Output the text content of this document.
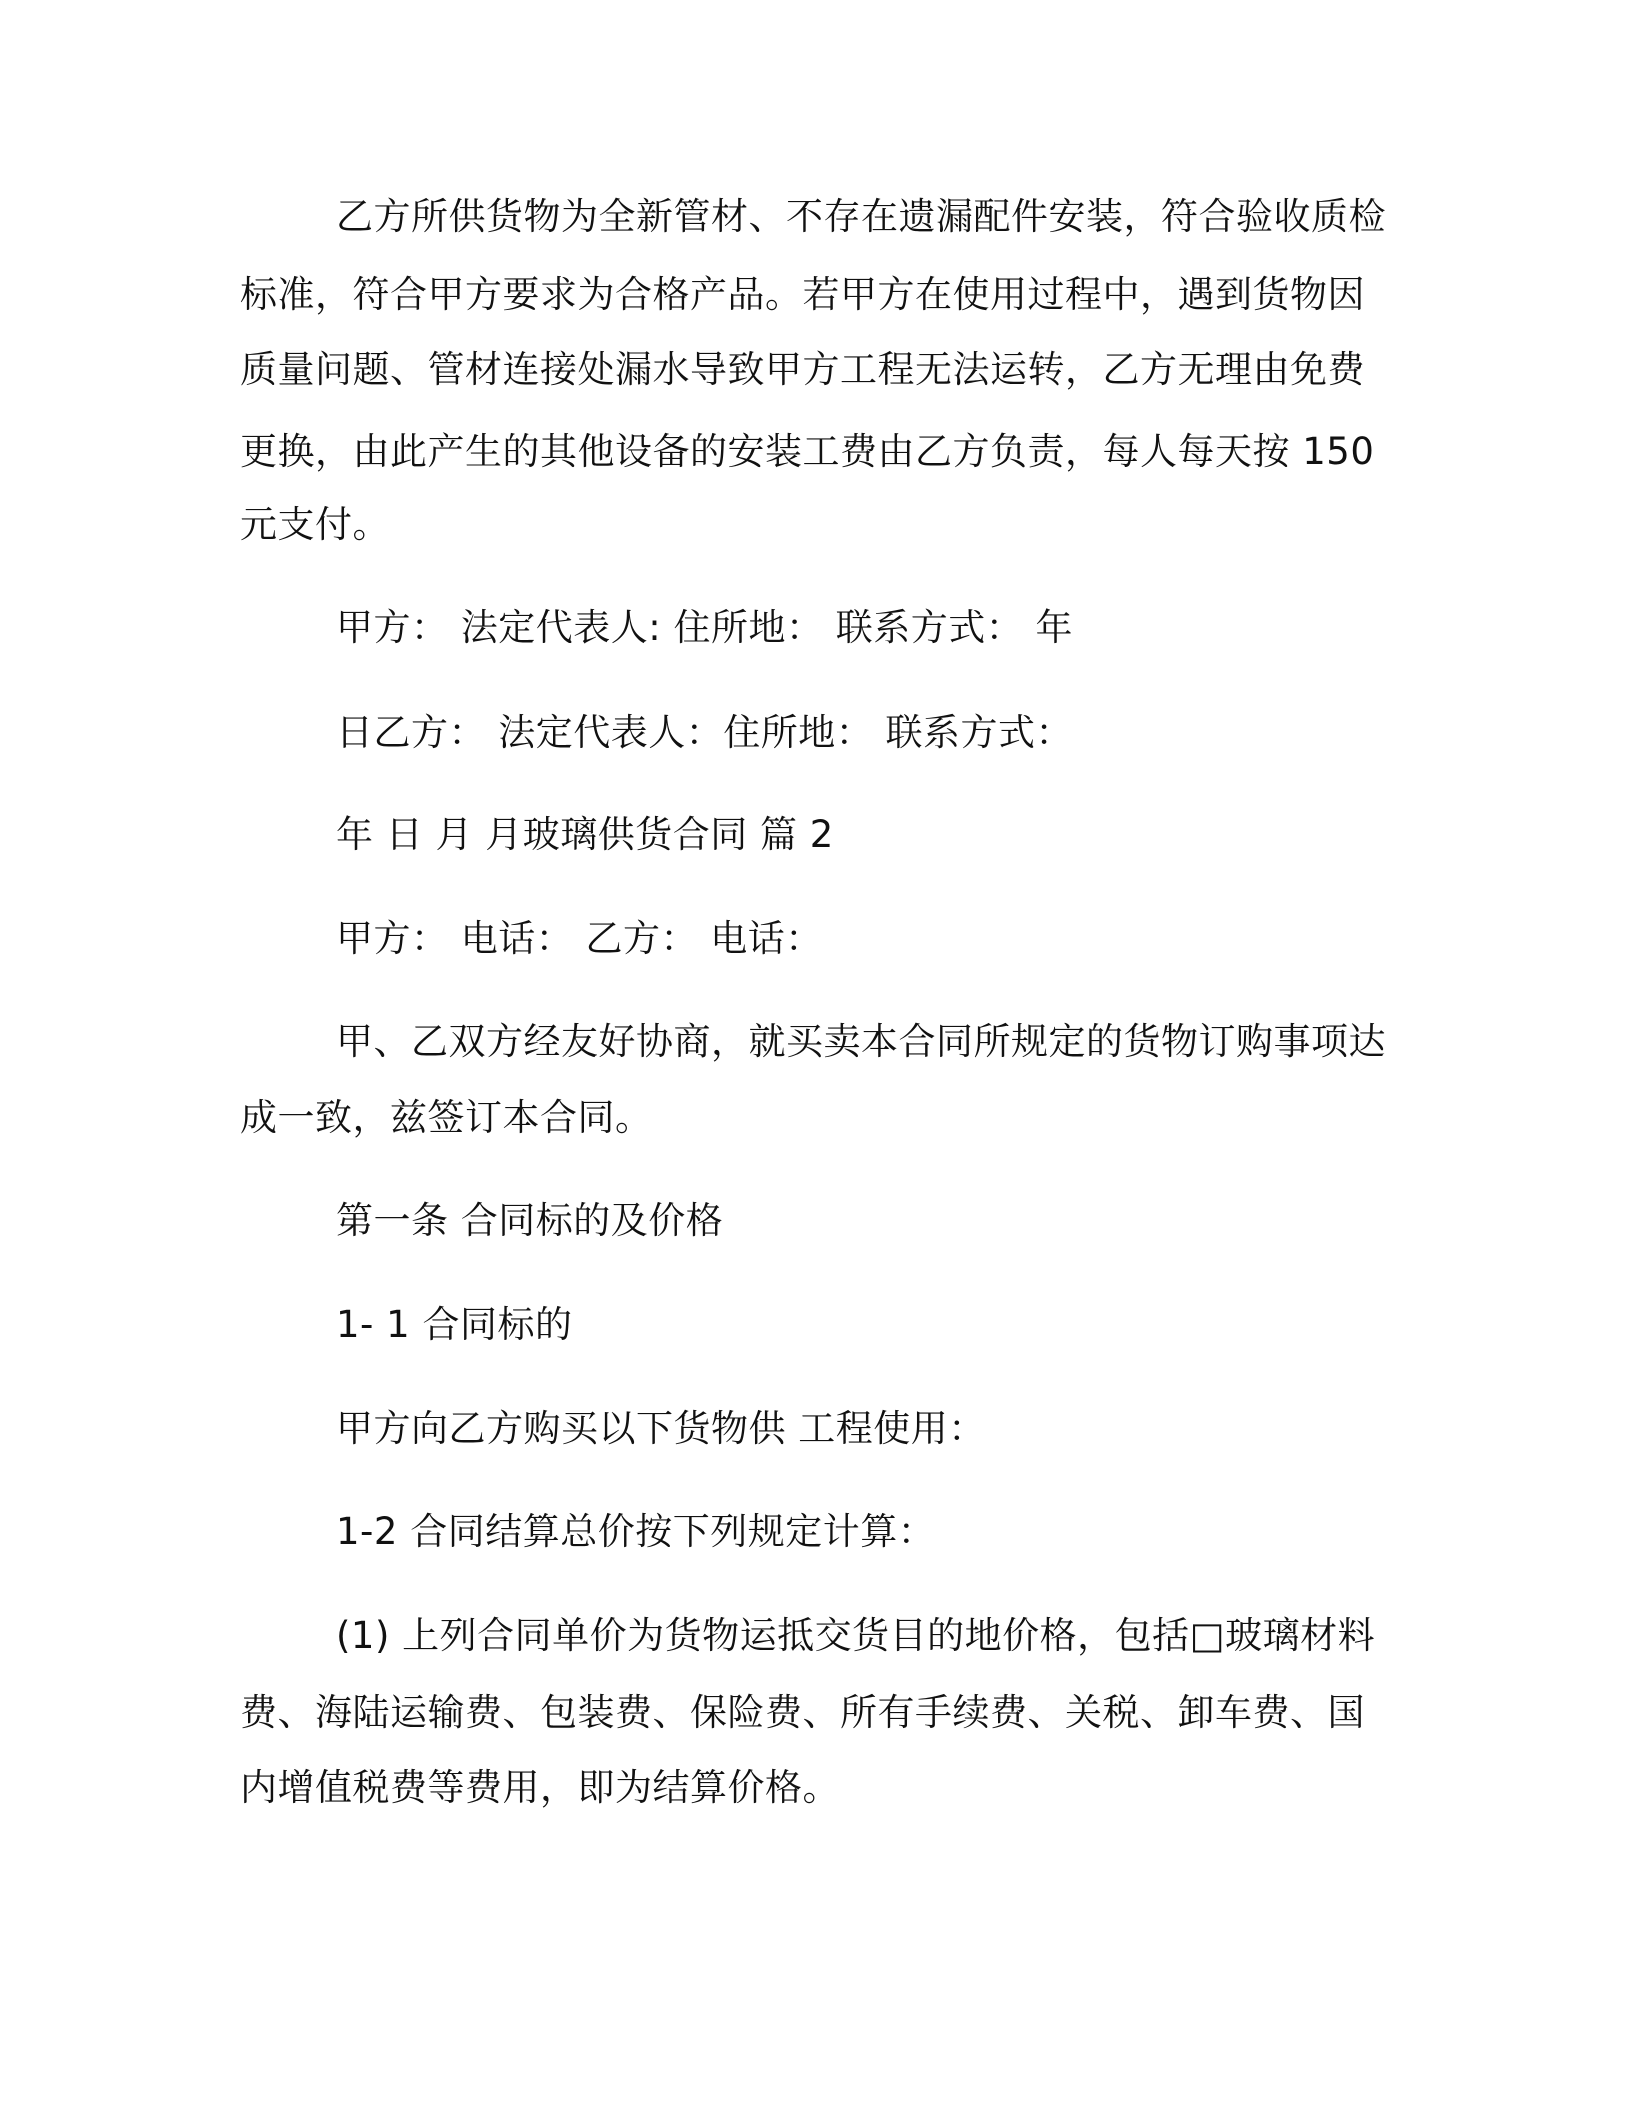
乙方所供货物为全新管材、不存在遗漏配件安装，符合验收质检
标准，符合甲方要求为合格产品。若甲方在使用过程中，遇到货物因
质量问题、管材连接处漏水导致甲方工程无法运转，乙方无理由免费
更换，由此产生的其他设备的安装工费由乙方负责，每人每天按 150
元支付。
甲方： 法定代表人: 住所地： 联系方式： 年
日乙方： 法定代表人：住所地： 联系方式：
年 日 月 月玻璃供货合同 篇 2
甲方： 电话： 乙方： 电话：
甲、乙双方经友好协商，就买卖本合同所规定的货物订购事项达
成一致，兹签订本合同。
第一条 合同标的及价格
1- 1 合同标的
甲方向乙方购买以下货物供 工程使用：
1-2 合同结算总价按下列规定计算：
(1) 上列合同单价为货物运抵交货目的地价格，包括□玻璃材料
费、海陆运输费、包装费、保险费、所有手续费、关税、卸车费、国
内增值税费等费用，即为结算价格。
